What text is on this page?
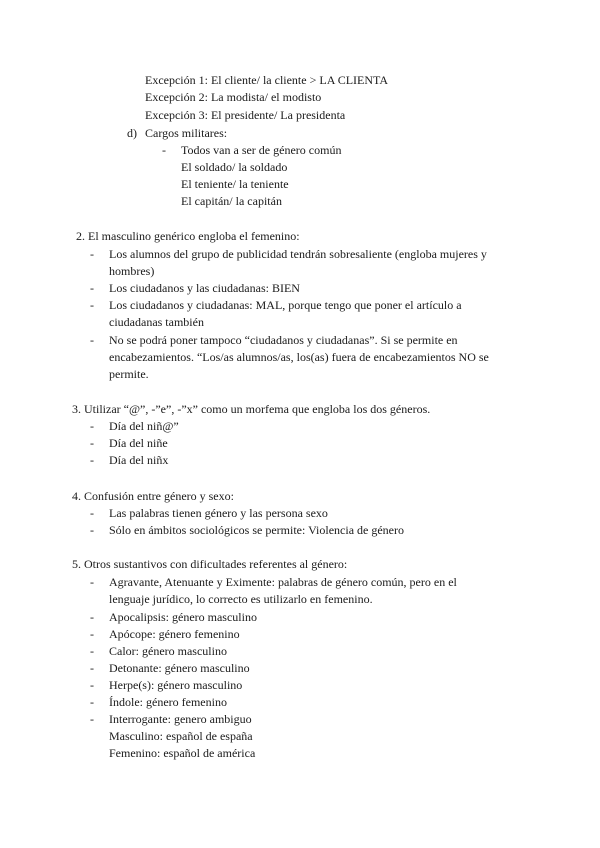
Excepción 1: El cliente/ la cliente > LA CLIENTA
Excepción 2: La modista/ el modisto
Excepción 3: El presidente/ La presidenta
d) Cargos militares:
- Todos van a ser de género común
El soldado/ la soldado
El teniente/ la teniente
El capitán/ la capitán
2. El masculino genérico engloba el femenino:
- Los alumnos del grupo de publicidad tendrán sobresaliente (engloba mujeres y
hombres)
- Los ciudadanos y las ciudadanas: BIEN
- Los ciudadanos y ciudadanas: MAL, porque tengo que poner el artículo a
ciudadanas también
- No se podrá poner tampoco “ciudadanos y ciudadanas”. Si se permite en
encabezamientos. “Los/as alumnos/as, los(as) fuera de encabezamientos NO se
permite.
3. Utilizar “@”, -”e”, -”x” como un morfema que engloba los dos géneros.
- Día del niñ@”
- Día del niñe
- Día del niñx
4. Confusión entre género y sexo:
- Las palabras tienen género y las persona sexo
- Sólo en ámbitos sociológicos se permite: Violencia de género
5. Otros sustantivos con dificultades referentes al género:
- Agravante, Atenuante y Eximente: palabras de género común, pero en el
lenguaje jurídico, lo correcto es utilizarlo en femenino.
- Apocalipsis: género masculino
- Apócope: género femenino
- Calor: género masculino
- Detonante: género masculino
- Herpe(s): género masculino
- Índole: género femenino
- Interrogante: genero ambiguo
Masculino: español de españa
Femenino: español de américa
